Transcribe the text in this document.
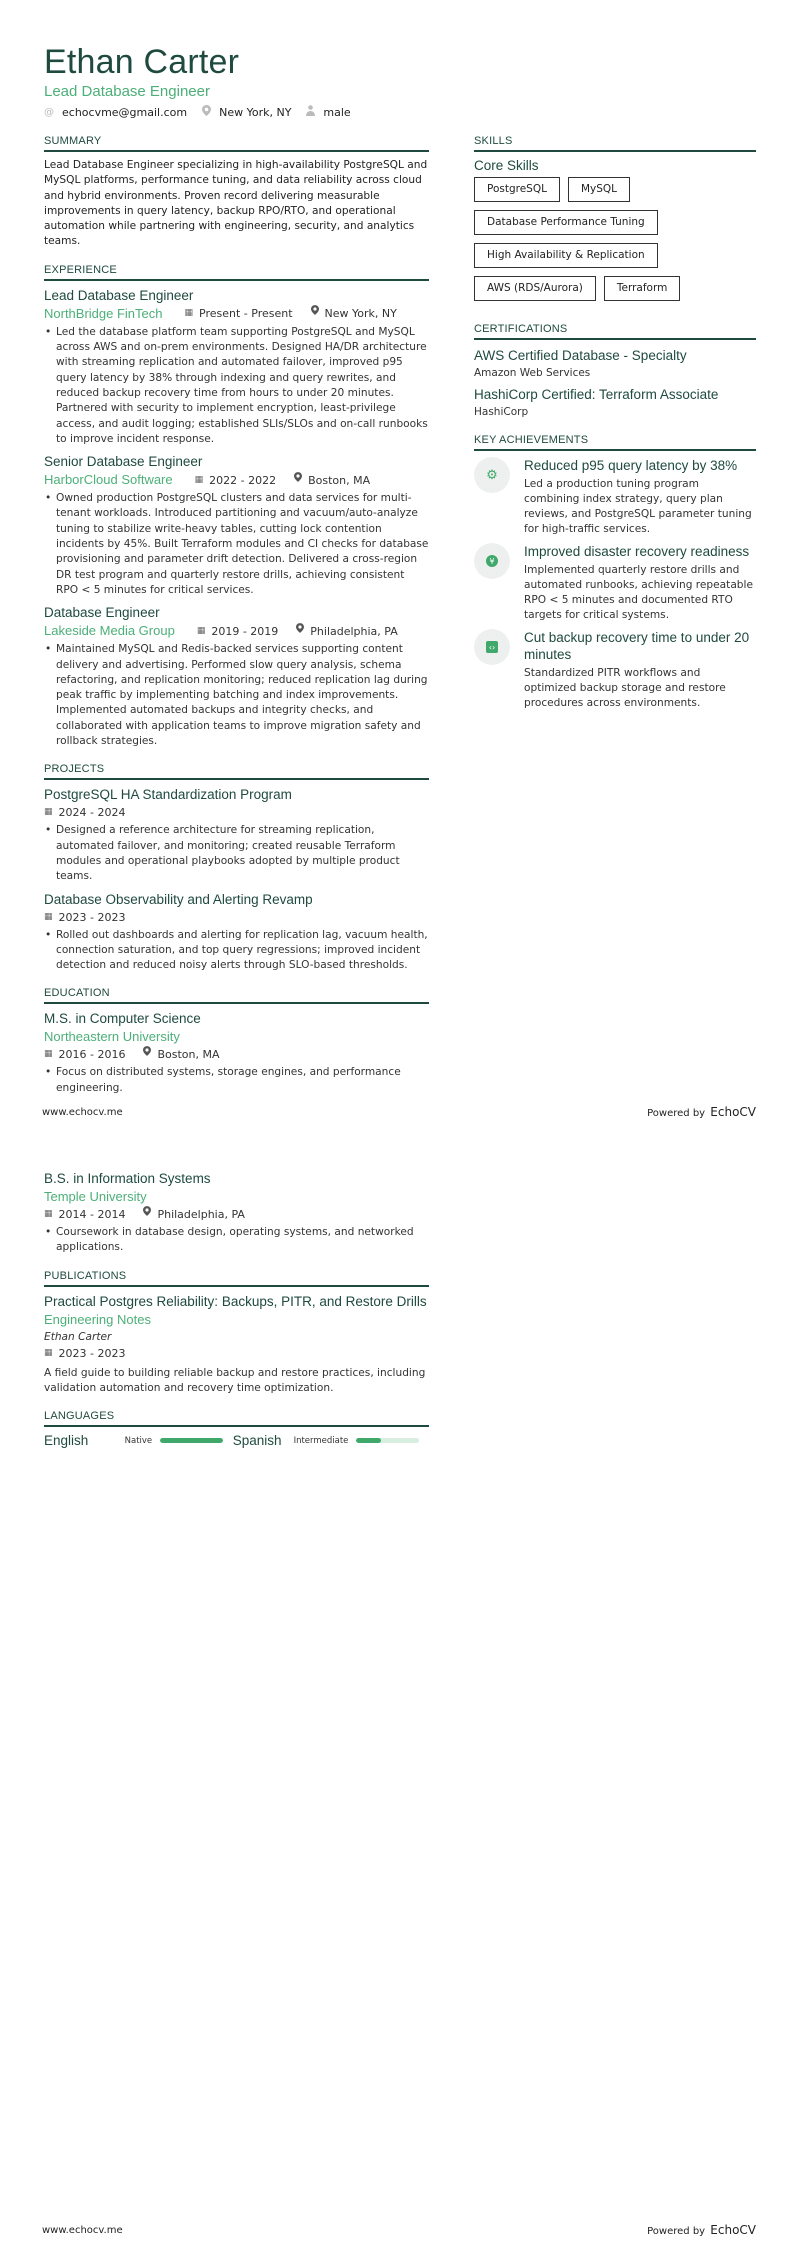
Ethan Carter
Lead Database Engineer
@ echocvme@gmail.com	New York, NY	male
SUMMARY
Lead Database Engineer specializing in high-availability PostgreSQL and MySQL platforms, performance tuning, and data reliability across cloud and hybrid environments. Proven record delivering measurable improvements in query latency, backup RPO/RTO, and operational automation while partnering with engineering, security, and analytics teams.
EXPERIENCE
Lead Database Engineer
NorthBridge FinTech ▦ Present - Present	New York, NY
• Led the database platform team supporting PostgreSQL and MySQL across AWS and on-prem environments. Designed HA/DR architecture with streaming replication and automated failover, improved p95 query latency by 38% through indexing and query rewrites, and reduced backup recovery time from hours to under 20 minutes. Partnered with security to implement encryption, least-privilege access, and audit logging; established SLIs/SLOs and on-call runbooks to improve incident response.
Senior Database Engineer
HarborCloud Software ▦ 2022 - 2022	Boston, MA
• Owned production PostgreSQL clusters and data services for multi-tenant workloads. Introduced partitioning and vacuum/auto-analyze tuning to stabilize write-heavy tables, cutting lock contention incidents by 45%. Built Terraform modules and CI checks for database provisioning and parameter drift detection. Delivered a cross-region DR test program and quarterly restore drills, achieving consistent RPO < 5 minutes for critical services.
Database Engineer
Lakeside Media Group ▦ 2019 - 2019	Philadelphia, PA
• Maintained MySQL and Redis-backed services supporting content delivery and advertising. Performed slow query analysis, schema refactoring, and replication monitoring; reduced replication lag during peak traffic by implementing batching and index improvements. Implemented automated backups and integrity checks, and collaborated with application teams to improve migration safety and rollback strategies.
PROJECTS
PostgreSQL HA Standardization Program
▦ 2024 - 2024
• Designed a reference architecture for streaming replication, automated failover, and monitoring; created reusable Terraform modules and operational playbooks adopted by multiple product teams.
Database Observability and Alerting Revamp
▦ 2023 - 2023
• Rolled out dashboards and alerting for replication lag, vacuum health, connection saturation, and top query regressions; improved incident detection and reduced noisy alerts through SLO-based thresholds.
EDUCATION
M.S. in Computer Science
Northeastern University
▦ 2016 - 2016	Boston, MA
• Focus on distributed systems, storage engines, and performance engineering.
SKILLS
Core Skills
PostgreSQL	MySQL
Database Performance Tuning
High Availability & Replication
AWS (RDS/Aurora)	Terraform
CERTIFICATIONS
AWS Certified Database - Specialty
Amazon Web Services
HashiCorp Certified: Terraform Associate
HashiCorp
KEY ACHIEVEMENTS
⚙
Reduced p95 query latency by 38%
Led a production tuning program combining index strategy, query plan reviews, and PostgreSQL parameter tuning for high-traffic services.
¥
Improved disaster recovery readiness
Implemented quarterly restore drills and automated runbooks, achieving repeatable RPO < 5 minutes and documented RTO targets for critical systems.
‹›
Cut backup recovery time to under 20 minutes
Standardized PITR workflows and optimized backup storage and restore procedures across environments.
www.echocv.me	Powered by EchoCV
B.S. in Information Systems
Temple University
▦ 2014 - 2014	Philadelphia, PA
• Coursework in database design, operating systems, and networked applications.
PUBLICATIONS
Practical Postgres Reliability: Backups, PITR, and Restore Drills
Engineering Notes
Ethan Carter
▦ 2023 - 2023
A field guide to building reliable backup and restore practices, including validation automation and recovery time optimization.
LANGUAGES
English	Native	Spanish Intermediate
www.echocv.me	Powered by EchoCV
